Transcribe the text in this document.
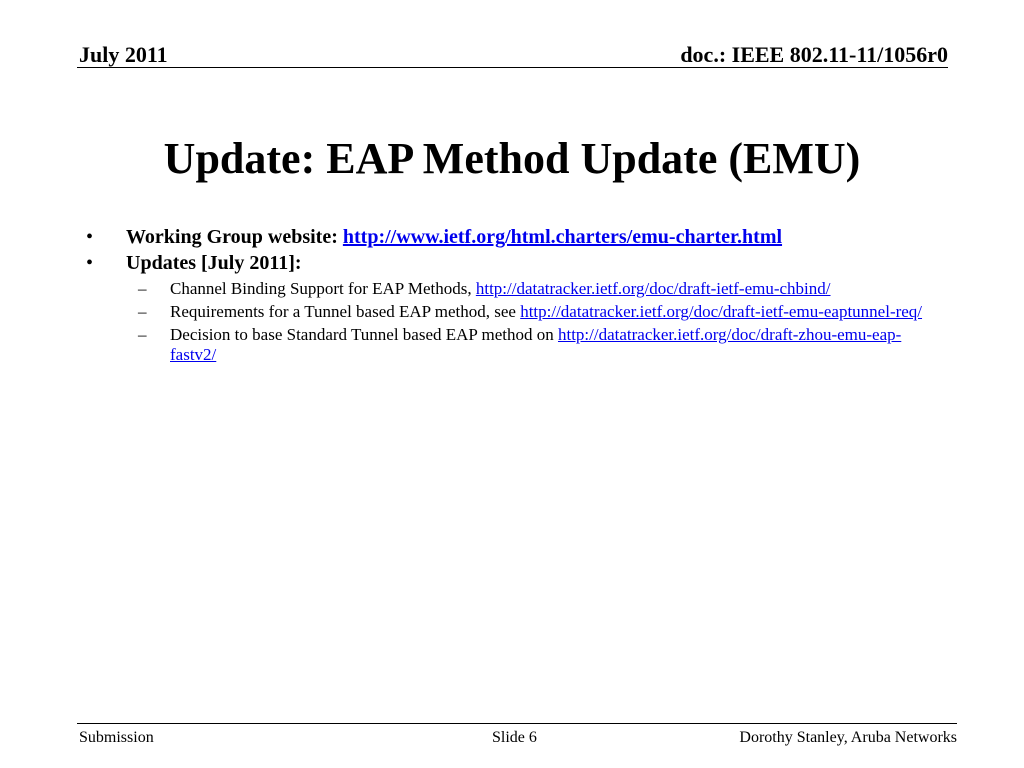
July 2011	doc.: IEEE 802.11-11/1056r0
Update: EAP Method Update (EMU)
• Working Group website: http://www.ietf.org/html.charters/emu-charter.html
• Updates [July 2011]:
– Channel Binding Support for EAP Methods, http://datatracker.ietf.org/doc/draft-ietf-emu-chbind/
– Requirements for a Tunnel based EAP method, see http://datatracker.ietf.org/doc/draft-ietf-emu-eaptunnel-req/
– Decision to base Standard Tunnel based EAP method on http://datatracker.ietf.org/doc/draft-zhou-emu-eap-fastv2/
Submission	Slide 6	Dorothy Stanley, Aruba Networks
